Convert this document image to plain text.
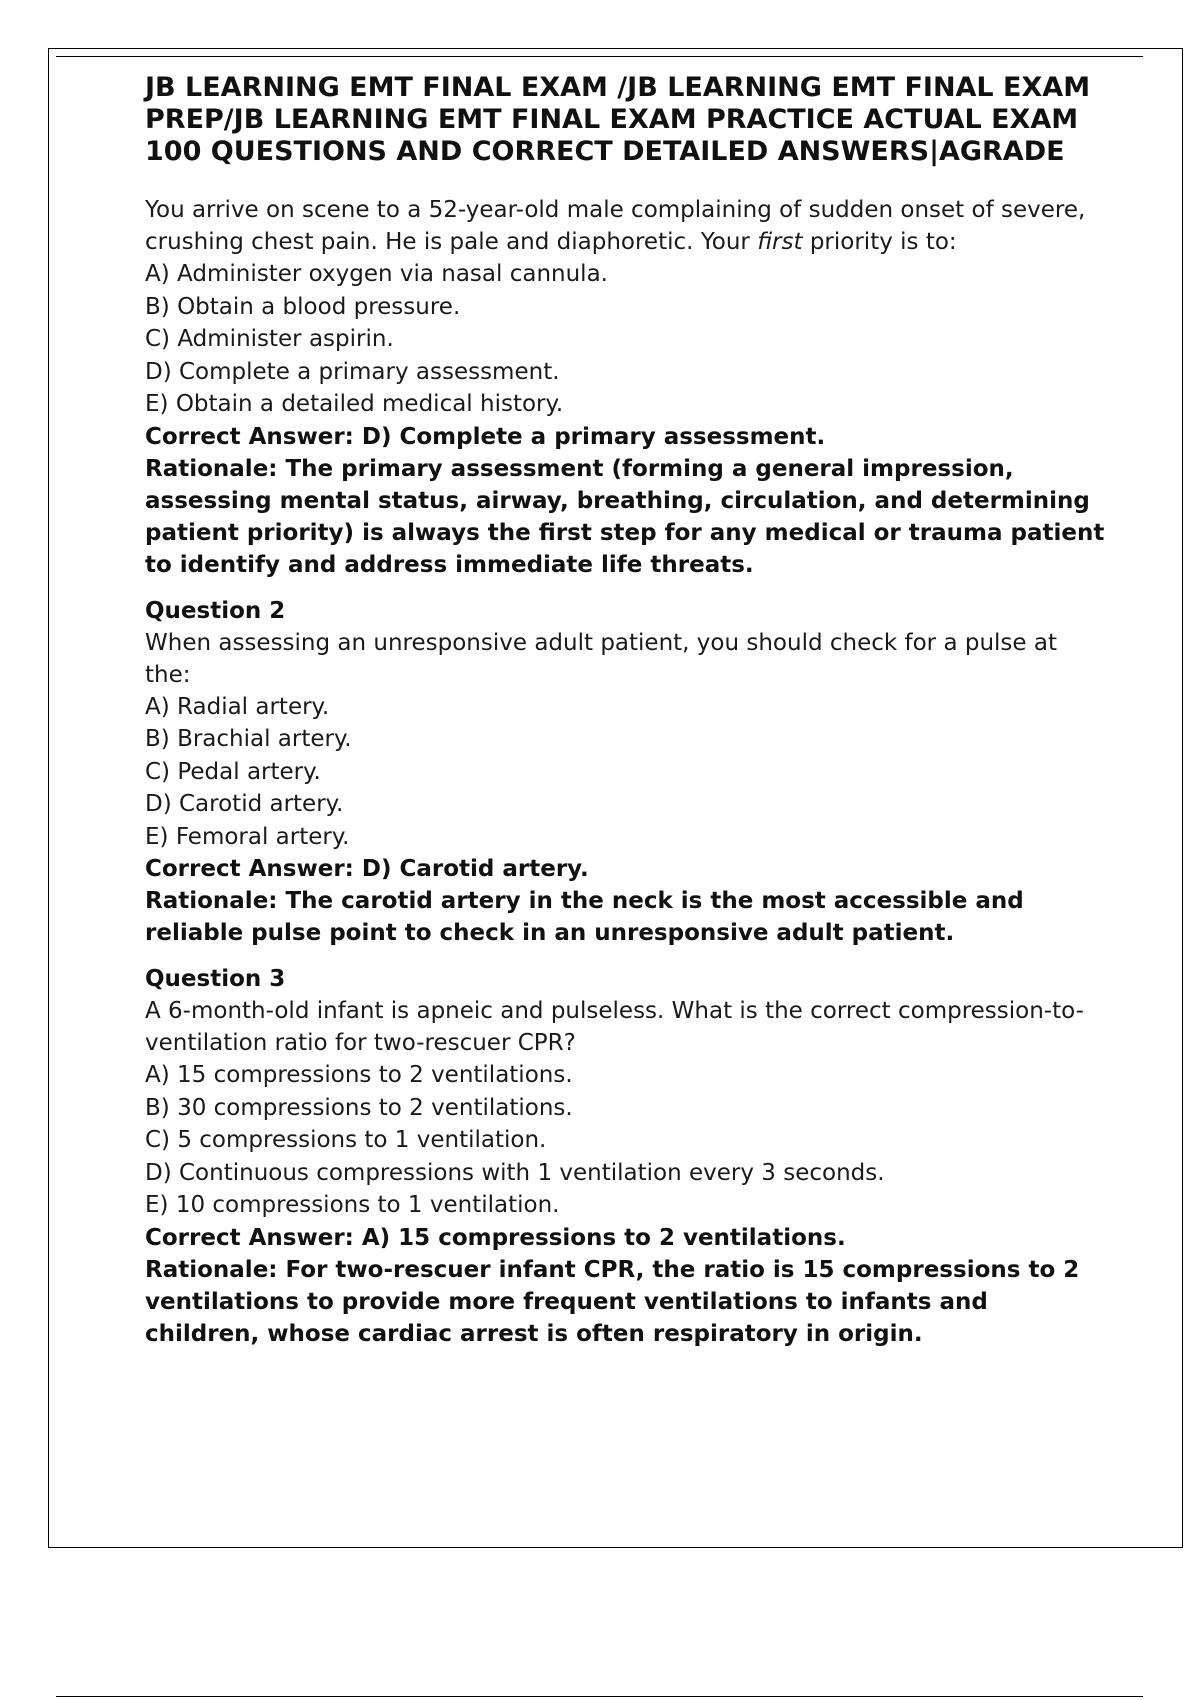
JB LEARNING EMT FINAL EXAM /JB LEARNING EMT FINAL EXAM PREP/JB LEARNING EMT FINAL EXAM PRACTICE ACTUAL EXAM 100 QUESTIONS AND CORRECT DETAILED ANSWERS|AGRADE

You arrive on scene to a 52-year-old male complaining of sudden onset of severe, crushing chest pain. He is pale and diaphoretic. Your first priority is to:

A) Administer oxygen via nasal cannula.
B) Obtain a blood pressure.
C) Administer aspirin.
D) Complete a primary assessment.
E) Obtain a detailed medical history.

Correct Answer: D) Complete a primary assessment.

Rationale: The primary assessment (forming a general impression, assessing mental status, airway, breathing, circulation, and determining patient priority) is always the first step for any medical or trauma patient to identify and address immediate life threats.

Question 2

When assessing an unresponsive adult patient, you should check for a pulse at the:

A) Radial artery.
B) Brachial artery.
C) Pedal artery.
D) Carotid artery.
E) Femoral artery.

Correct Answer: D) Carotid artery.

Rationale: The carotid artery in the neck is the most accessible and reliable pulse point to check in an unresponsive adult patient.

Question 3

A 6-month-old infant is apneic and pulseless. What is the correct compression-to-ventilation ratio for two-rescuer CPR?

A) 15 compressions to 2 ventilations.
B) 30 compressions to 2 ventilations.
C) 5 compressions to 1 ventilation.
D) Continuous compressions with 1 ventilation every 3 seconds.
E) 10 compressions to 1 ventilation.

Correct Answer: A) 15 compressions to 2 ventilations.

Rationale: For two-rescuer infant CPR, the ratio is 15 compressions to 2 ventilations to provide more frequent ventilations to infants and children, whose cardiac arrest is often respiratory in origin.
